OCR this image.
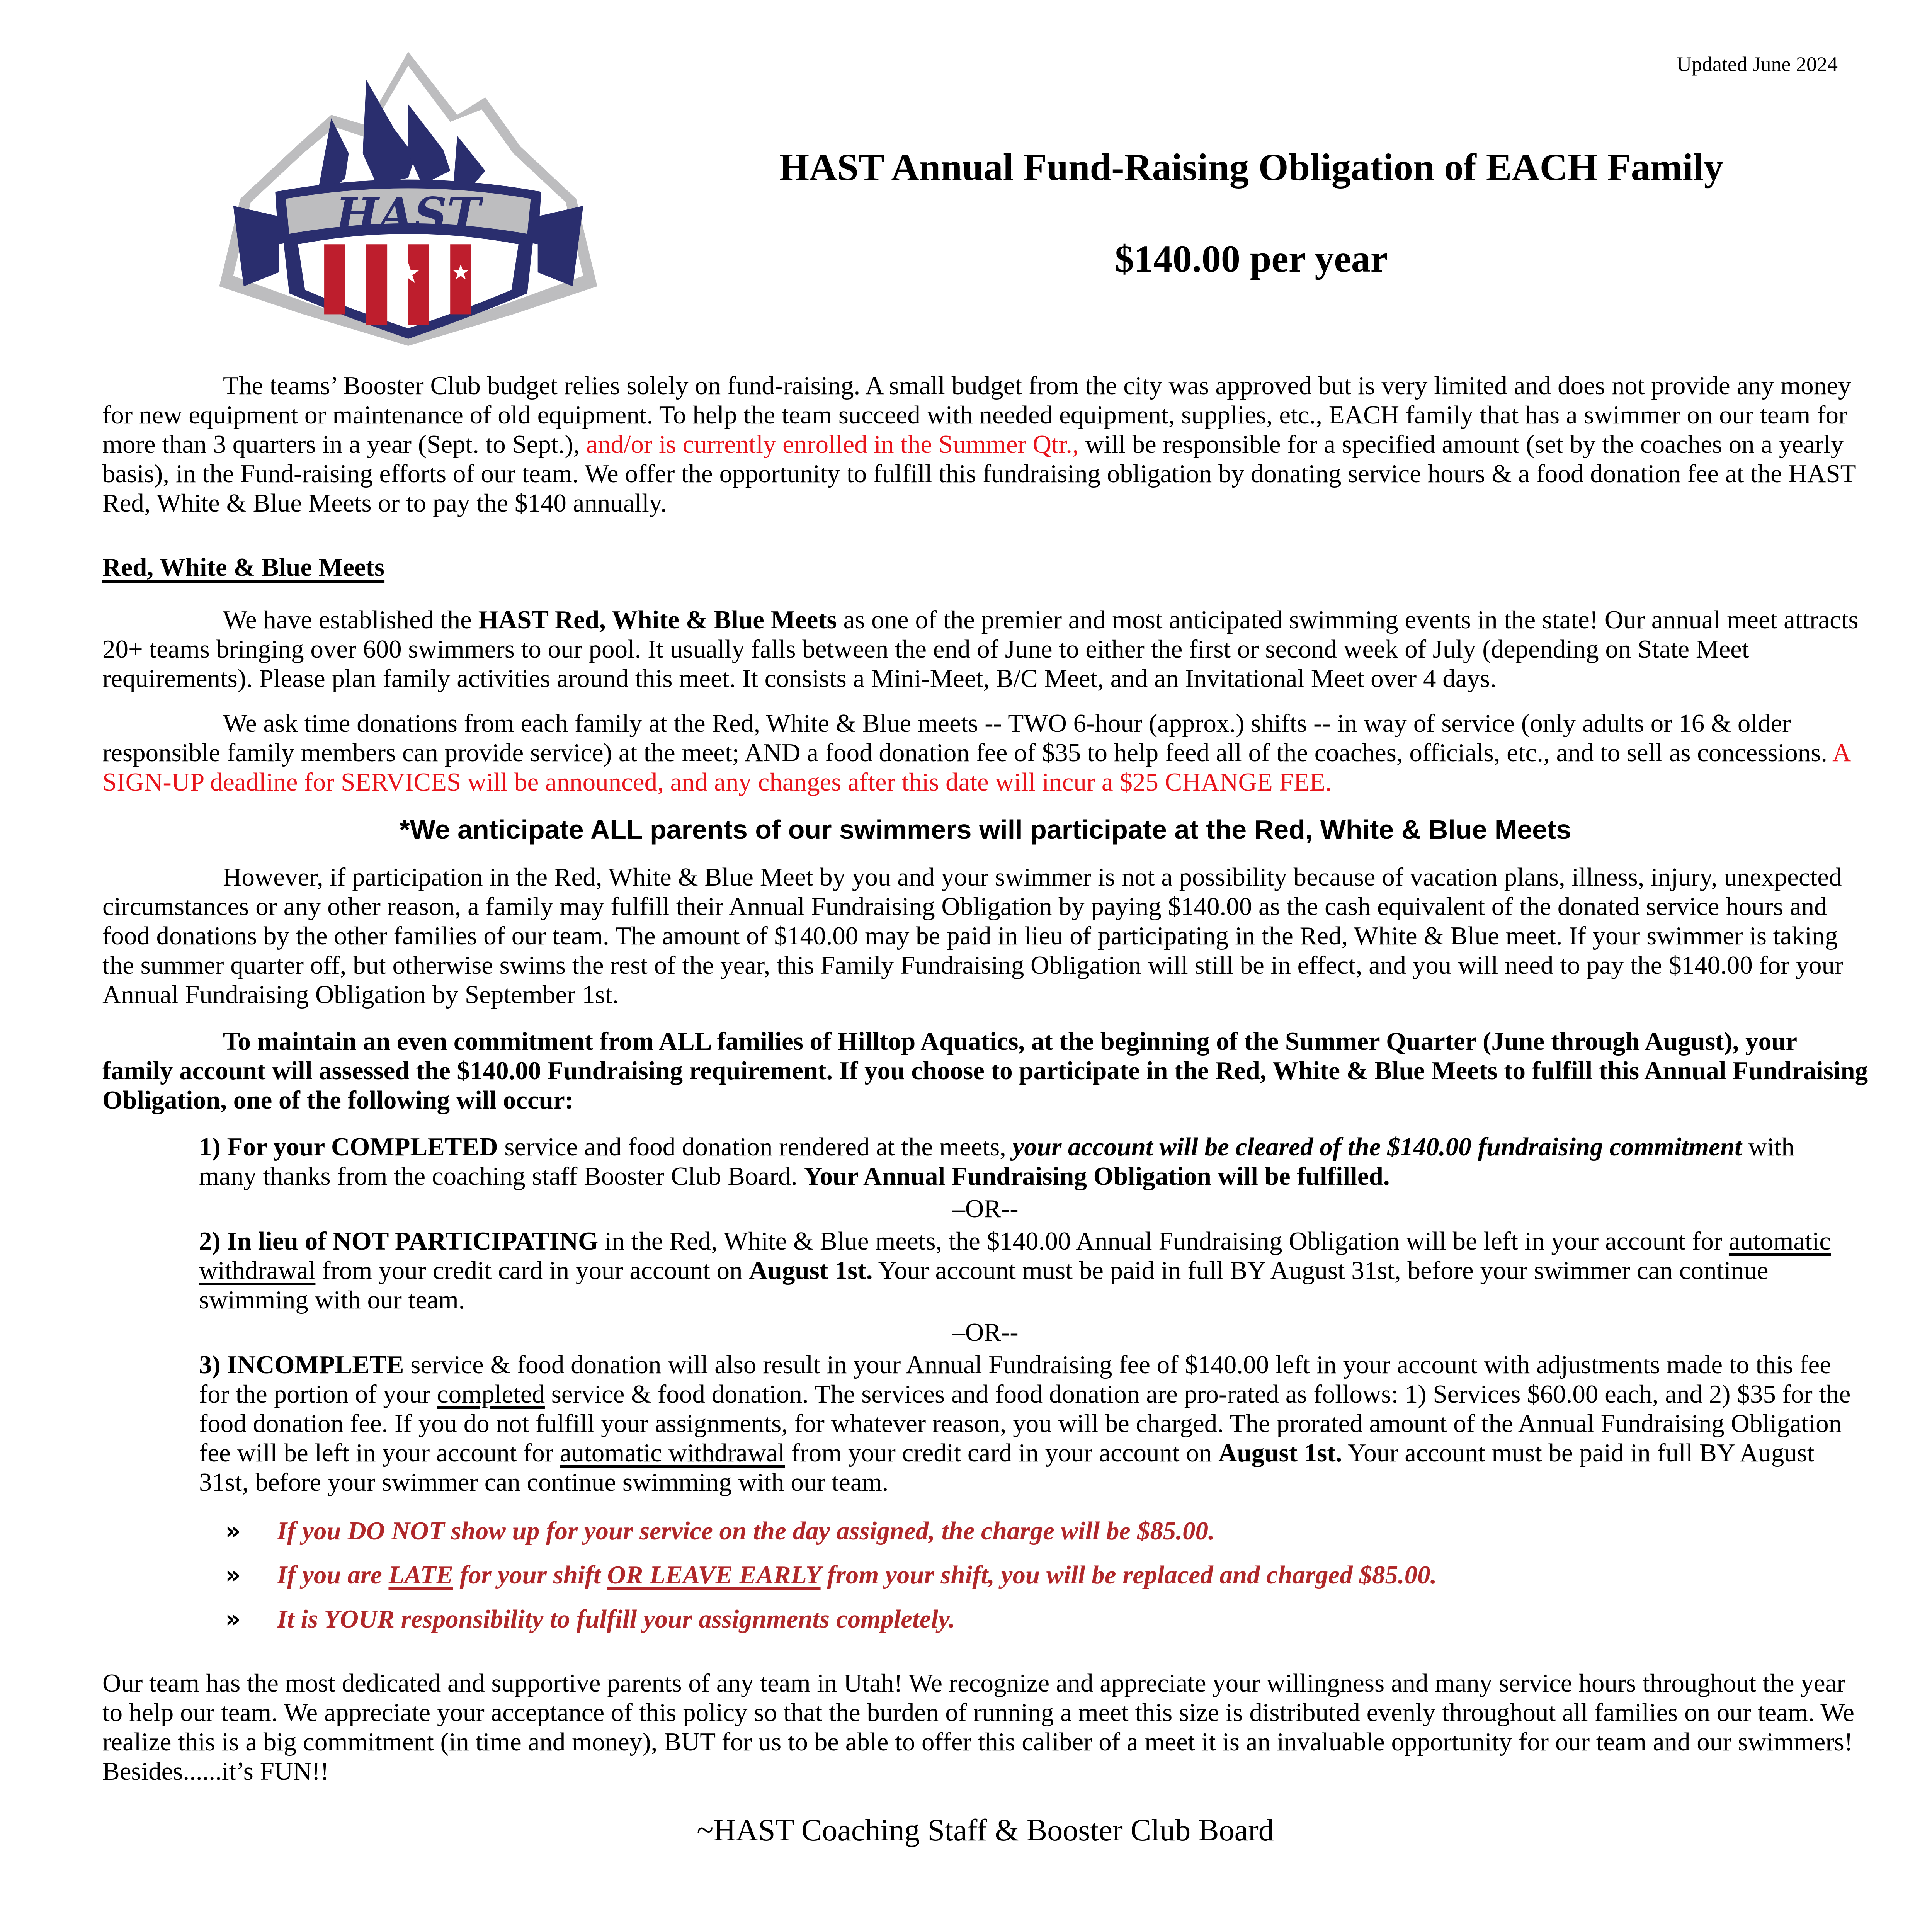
Updated June 2024
HAST
★ ★ ★
HAST Annual Fund-Raising Obligation of EACH Family
$140.00 per year
The teams’ Booster Club budget relies solely on fund-raising. A small budget from the city was approved but is very limited and does not provide any money for new equipment or maintenance of old equipment. To help the team succeed with needed equipment, supplies, etc., EACH family that has a swimmer on our team for more than 3 quarters in a year (Sept. to Sept.), and/or is currently enrolled in the Summer Qtr., will be responsible for a specified amount (set by the coaches on a yearly basis), in the Fund-raising efforts of our team. We offer the opportunity to fulfill this fundraising obligation by donating service hours & a food donation fee at the HAST Red, White & Blue Meets or to pay the $140 annually.
Red, White & Blue Meets
We have established the HAST Red, White & Blue Meets as one of the premier and most anticipated swimming events in the state! Our annual meet attracts 20+ teams bringing over 600 swimmers to our pool. It usually falls between the end of June to either the first or second week of July (depending on State Meet requirements). Please plan family activities around this meet. It consists a Mini-Meet, B/C Meet, and an Invitational Meet over 4 days.
We ask time donations from each family at the Red, White & Blue meets -- TWO 6-hour (approx.) shifts -- in way of service (only adults or 16 & older responsible family members can provide service) at the meet; AND a food donation fee of $35 to help feed all of the coaches, officials, etc., and to sell as concessions. A SIGN-UP deadline for SERVICES will be announced, and any changes after this date will incur a $25 CHANGE FEE.
*We anticipate ALL parents of our swimmers will participate at the Red, White & Blue Meets
However, if participation in the Red, White & Blue Meet by you and your swimmer is not a possibility because of vacation plans, illness, injury, unexpected circumstances or any other reason, a family may fulfill their Annual Fundraising Obligation by paying $140.00 as the cash equivalent of the donated service hours and food donations by the other families of our team. The amount of $140.00 may be paid in lieu of participating in the Red, White & Blue meet. If your swimmer is taking the summer quarter off, but otherwise swims the rest of the year, this Family Fundraising Obligation will still be in effect, and you will need to pay the $140.00 for your Annual Fundraising Obligation by September 1st.
To maintain an even commitment from ALL families of Hilltop Aquatics, at the beginning of the Summer Quarter (June through August), your family account will assessed the $140.00 Fundraising requirement. If you choose to participate in the Red, White & Blue Meets to fulfill this Annual Fundraising Obligation, one of the following will occur:
1) For your COMPLETED service and food donation rendered at the meets, your account will be cleared of the $140.00 fundraising commitment with many thanks from the coaching staff Booster Club Board. Your Annual Fundraising Obligation will be fulfilled.
–OR--
2) In lieu of NOT PARTICIPATING in the Red, White & Blue meets, the $140.00 Annual Fundraising Obligation will be left in your account for automatic withdrawal from your credit card in your account on August 1st. Your account must be paid in full BY August 31st, before your swimmer can continue swimming with our team.
–OR--
3) INCOMPLETE service & food donation will also result in your Annual Fundraising fee of $140.00 left in your account with adjustments made to this fee for the portion of your completed service & food donation. The services and food donation are pro-rated as follows: 1) Services $60.00 each, and 2) $35 for the food donation fee. If you do not fulfill your assignments, for whatever reason, you will be charged. The prorated amount of the Annual Fundraising Obligation fee will be left in your account for automatic withdrawal from your credit card in your account on August 1st. Your account must be paid in full BY August 31st, before your swimmer can continue swimming with our team.
»	If you DO NOT show up for your service on the day assigned, the charge will be $85.00.
»	If you are LATE for your shift OR LEAVE EARLY from your shift, you will be replaced and charged $85.00.
»	It is YOUR responsibility to fulfill your assignments completely.
Our team has the most dedicated and supportive parents of any team in Utah! We recognize and appreciate your willingness and many service hours throughout the year to help our team. We appreciate your acceptance of this policy so that the burden of running a meet this size is distributed evenly throughout all families on our team. We realize this is a big commitment (in time and money), BUT for us to be able to offer this caliber of a meet it is an invaluable opportunity for our team and our swimmers! Besides......it’s FUN!!
~HAST Coaching Staff & Booster Club Board
